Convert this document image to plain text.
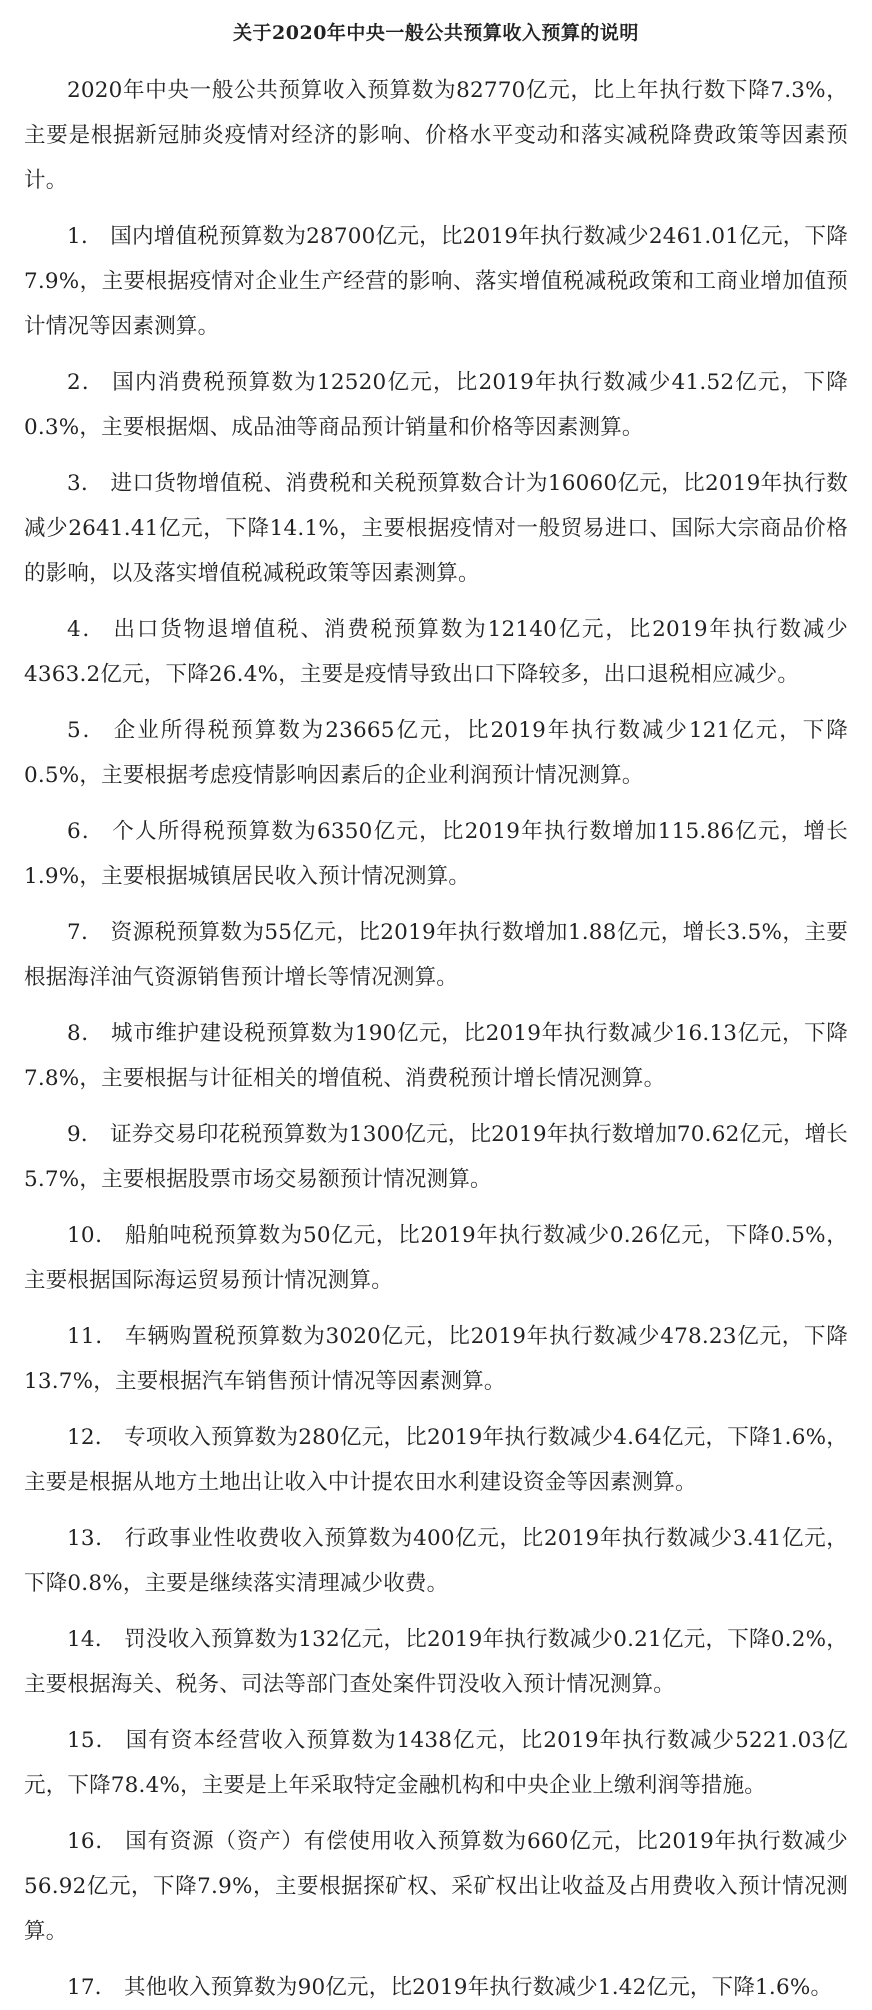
关于2020年中央一般公共预算收入预算的说明

2020年中央一般公共预算收入预算数为82770亿元，比上年执行数下降7.3%，主要是根据新冠肺炎疫情对经济的影响、价格水平变动和落实减税降费政策等因素预计。

1． 国内增值税预算数为28700亿元，比2019年执行数减少2461.01亿元，下降7.9%，主要根据疫情对企业生产经营的影响、落实增值税减税政策和工商业增加值预计情况等因素测算。

2． 国内消费税预算数为12520亿元，比2019年执行数减少41.52亿元，下降0.3%，主要根据烟、成品油等商品预计销量和价格等因素测算。

3． 进口货物增值税、消费税和关税预算数合计为16060亿元，比2019年执行数减少2641.41亿元，下降14.1%，主要根据疫情对一般贸易进口、国际大宗商品价格的影响，以及落实增值税减税政策等因素测算。

4． 出口货物退增值税、消费税预算数为12140亿元，比2019年执行数减少4363.2亿元，下降26.4%，主要是疫情导致出口下降较多，出口退税相应减少。

5． 企业所得税预算数为23665亿元，比2019年执行数减少121亿元，下降0.5%，主要根据考虑疫情影响因素后的企业利润预计情况测算。

6． 个人所得税预算数为6350亿元，比2019年执行数增加115.86亿元，增长1.9%，主要根据城镇居民收入预计情况测算。

7． 资源税预算数为55亿元，比2019年执行数增加1.88亿元，增长3.5%，主要根据海洋油气资源销售预计增长等情况测算。

8． 城市维护建设税预算数为190亿元，比2019年执行数减少16.13亿元，下降7.8%，主要根据与计征相关的增值税、消费税预计增长情况测算。

9． 证券交易印花税预算数为1300亿元，比2019年执行数增加70.62亿元，增长5.7%，主要根据股票市场交易额预计情况测算。

10． 船舶吨税预算数为50亿元，比2019年执行数减少0.26亿元，下降0.5%，主要根据国际海运贸易预计情况测算。

11． 车辆购置税预算数为3020亿元，比2019年执行数减少478.23亿元，下降13.7%，主要根据汽车销售预计情况等因素测算。

12． 专项收入预算数为280亿元，比2019年执行数减少4.64亿元，下降1.6%，主要是根据从地方土地出让收入中计提农田水利建设资金等因素测算。

13． 行政事业性收费收入预算数为400亿元，比2019年执行数减少3.41亿元，下降0.8%，主要是继续落实清理减少收费。

14． 罚没收入预算数为132亿元，比2019年执行数减少0.21亿元，下降0.2%，主要根据海关、税务、司法等部门查处案件罚没收入预计情况测算。

15． 国有资本经营收入预算数为1438亿元，比2019年执行数减少5221.03亿元，下降78.4%，主要是上年采取特定金融机构和中央企业上缴利润等措施。

16． 国有资源（资产）有偿使用收入预算数为660亿元，比2019年执行数减少56.92亿元，下降7.9%，主要根据探矿权、采矿权出让收益及占用费收入预计情况测算。

17． 其他收入预算数为90亿元，比2019年执行数减少1.42亿元，下降1.6%。
